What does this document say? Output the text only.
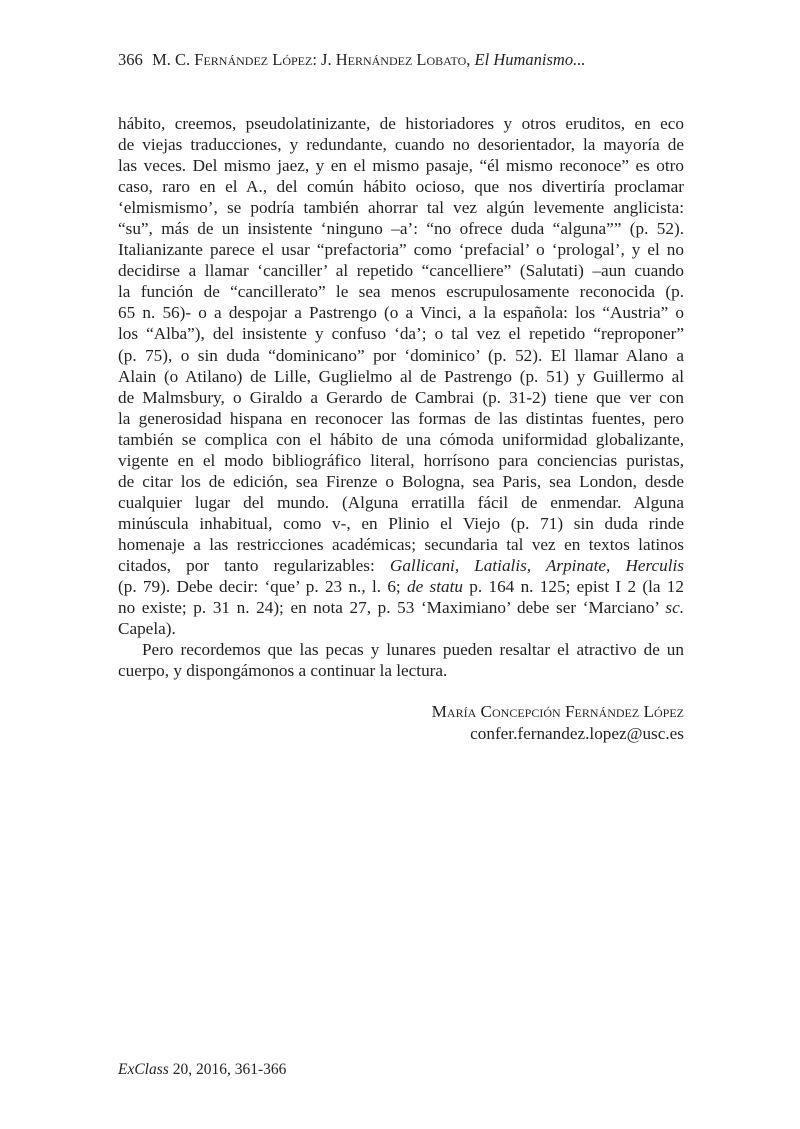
366 M. C. Fernández López: J. Hernández Lobato, El Humanismo...
hábito, creemos, pseudolatinizante, de historiadores y otros eruditos, en eco
de viejas traducciones, y redundante, cuando no desorientador, la mayoría de
las veces. Del mismo jaez, y en el mismo pasaje, “él mismo reconoce” es otro
caso, raro en el A., del común hábito ocioso, que nos divertiría proclamar
‘elmismismo’, se podría también ahorrar tal vez algún levemente anglicista:
“su”, más de un insistente ‘ninguno –a’: “no ofrece duda “alguna”” (p. 52).
Italianizante parece el usar “prefactoria” como ‘prefacial’ o ‘prologal’, y el no
decidirse a llamar ‘canciller’ al repetido “cancelliere” (Salutati) –aun cuando
la función de “cancillerato” le sea menos escrupulosamente reconocida (p.
65 n. 56)- o a despojar a Pastrengo (o a Vinci, a la española: los “Austria” o
los “Alba”), del insistente y confuso ‘da’; o tal vez el repetido “reproponer”
(p. 75), o sin duda “dominicano” por ‘dominico’ (p. 52). El llamar Alano a
Alain (o Atilano) de Lille, Guglielmo al de Pastrengo (p. 51) y Guillermo al
de Malmsbury, o Giraldo a Gerardo de Cambrai (p. 31-2) tiene que ver con
la generosidad hispana en reconocer las formas de las distintas fuentes, pero
también se complica con el hábito de una cómoda uniformidad globalizante,
vigente en el modo bibliográfico literal, horrísono para conciencias puristas,
de citar los de edición, sea Firenze o Bologna, sea Paris, sea London, desde
cualquier lugar del mundo. (Alguna erratilla fácil de enmendar. Alguna
minúscula inhabitual, como v-, en Plinio el Viejo (p. 71) sin duda rinde
homenaje a las restricciones académicas; secundaria tal vez en textos latinos
citados, por tanto regularizables: Gallicani, Latialis, Arpinate, Herculis
(p. 79). Debe decir: ‘que’ p. 23 n., l. 6; de statu p. 164 n. 125; epist I 2 (la 12
no existe; p. 31 n. 24); en nota 27, p. 53 ‘Maximiano’ debe ser ‘Marciano’ sc.
Capela).
Pero recordemos que las pecas y lunares pueden resaltar el atractivo de un
cuerpo, y dispongámonos a continuar la lectura.
María Concepción Fernández López
confer.fernandez.lopez@usc.es
ExClass 20, 2016, 361-366
